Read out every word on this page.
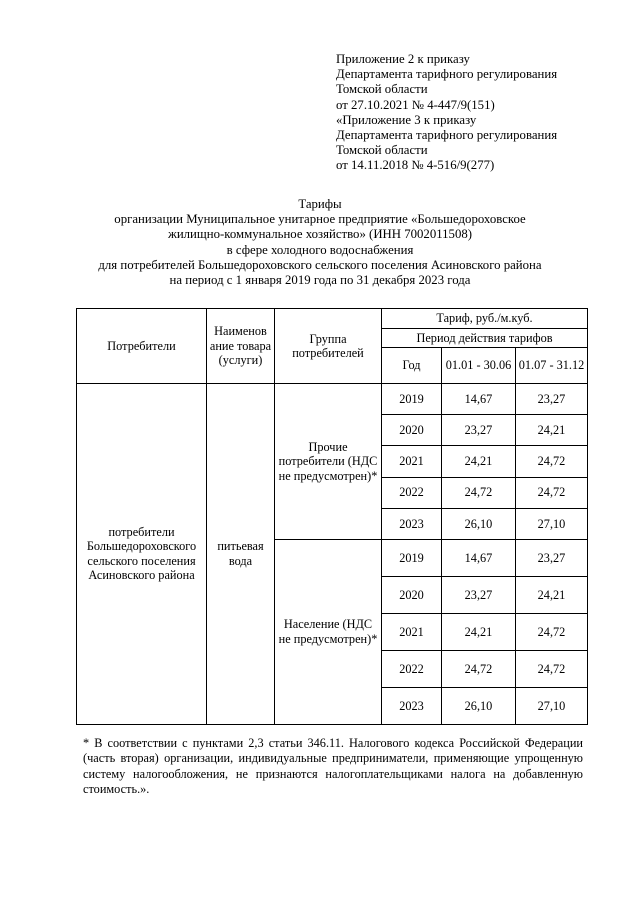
Приложение 2 к приказу
Департамента тарифного регулирования
Томской области
от 27.10.2021 № 4-447/9(151)
«Приложение 3 к приказу
Департамента тарифного регулирования
Томской области
от 14.11.2018 № 4-516/9(277)
Тарифы
организации Муниципальное унитарное предприятие «Большедороховское
жилищно-коммунальное хозяйство» (ИНН 7002011508)
в сфере холодного водоснабжения
для потребителей Большедороховского сельского поселения Асиновского района
на период с 1 января 2019 года по 31 декабря 2023 года
Потребители	Наименов ание товара (услуги)	Группа потребителей	Тариф, руб./м.куб.		
			Период действия тарифов		
			Год	01.01 - 30.06	01.07 - 31.12
потребители Большедороховского сельского поселения Асиновского района	питьевая вода	Прочие потребители (НДС не предусмотрен)*	2019	14,67	23,27
			2020	23,27	24,21
			2021	24,21	24,72
			2022	24,72	24,72
			2023	26,10	27,10
		Население (НДС не предусмотрен)*	2019	14,67	23,27
			2020	23,27	24,21
			2021	24,21	24,72
			2022	24,72	24,72
			2023	26,10	27,10
* В соответствии с пунктами 2,3 статьи 346.11. Налогового кодекса Российской Федерации (часть вторая) организации, индивидуальные предприниматели, применяющие упрощенную систему налогообложения, не признаются налогоплательщиками налога на добавленную стоимость.».
